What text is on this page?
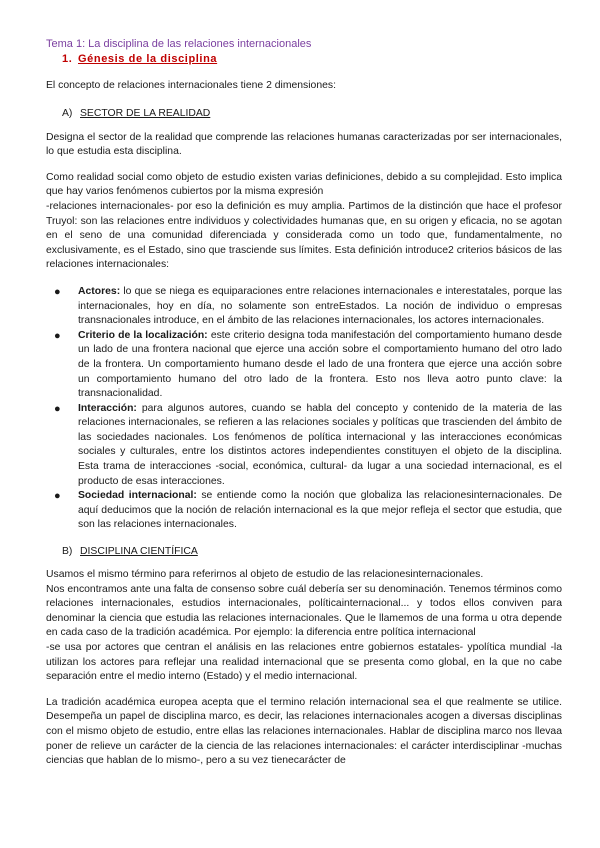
Tema 1: La disciplina de las relaciones internacionales

1. Génesis de la disciplina

El concepto de relaciones internacionales tiene 2 dimensiones:

A) SECTOR DE LA REALIDAD

Designa el sector de la realidad que comprende las relaciones humanas caracterizadas por ser internacionales, lo que estudia esta disciplina.

Como realidad social como objeto de estudio existen varias definiciones, debido a su complejidad. Esto implica que hay varios fenómenos cubiertos por la misma expresión

-relaciones internacionales- por eso la definición es muy amplia. Partimos de la distinción que hace el profesor Truyol: son las relaciones entre individuos y colectividades humanas que, en su origen y eficacia, no se agotan en el seno de una comunidad diferenciada y considerada como un todo que, fundamentalmente, no exclusivamente, es el Estado, sino que trasciende sus límites. Esta definición introduce2 criterios básicos de las relaciones internacionales:

● Actores: lo que se niega es equiparaciones entre relaciones internacionales e interestatales, porque las internacionales, hoy en día, no solamente son entreEstados. La noción de individuo o empresas transnacionales introduce, en el ámbito de las relaciones internacionales, los actores internacionales.
● Criterio de la localización: este criterio designa toda manifestación del comportamiento humano desde un lado de una frontera nacional que ejerce una acción sobre el comportamiento humano del otro lado de la frontera. Un comportamiento humano desde el lado de una frontera que ejerce una acción sobre un comportamiento humano del otro lado de la frontera. Esto nos lleva aotro punto clave: la transnacionalidad.
● Interacción: para algunos autores, cuando se habla del concepto y contenido de la materia de las relaciones internacionales, se refieren a las relaciones sociales y políticas que trascienden del ámbito de las sociedades nacionales. Los fenómenos de política internacional y las interacciones económicas sociales y culturales, entre los distintos actores independientes constituyen el objeto de la disciplina. Esta trama de interacciones -social, económica, cultural- da lugar a una sociedad internacional, es el producto de esas interacciones.
● Sociedad internacional: se entiende como la noción que globaliza las relacionesinternacionales. De aquí deducimos que la noción de relación internacional es la que mejor refleja el sector que estudia, que son las relaciones internacionales.
B) DISCIPLINA CIENTÍFICA

Usamos el mismo término para referirnos al objeto de estudio de las relacionesinternacionales.

Nos encontramos ante una falta de consenso sobre cuál debería ser su denominación. Tenemos términos como relaciones internacionales, estudios internacionales, políticainternacional... y todos ellos conviven para denominar la ciencia que estudia las relaciones internacionales. Que le llamemos de una forma u otra depende en cada caso de la tradición académica. Por ejemplo: la diferencia entre política internacional

-se usa por actores que centran el análisis en las relaciones entre gobiernos estatales- ypolítica mundial -la utilizan los actores para reflejar una realidad internacional que se presenta como global, en la que no cabe separación entre el medio interno (Estado) y el medio internacional.

La tradición académica europea acepta que el termino relación internacional sea el que realmente se utilice. Desempeña un papel de disciplina marco, es decir, las relaciones internacionales acogen a diversas disciplinas con el mismo objeto de estudio, entre ellas las relaciones internacionales. Hablar de disciplina marco nos llevaa poner de relieve un carácter de la ciencia de las relaciones internacionales: el carácter interdisciplinar -muchas ciencias que hablan de lo mismo-, pero a su vez tienecarácter de
